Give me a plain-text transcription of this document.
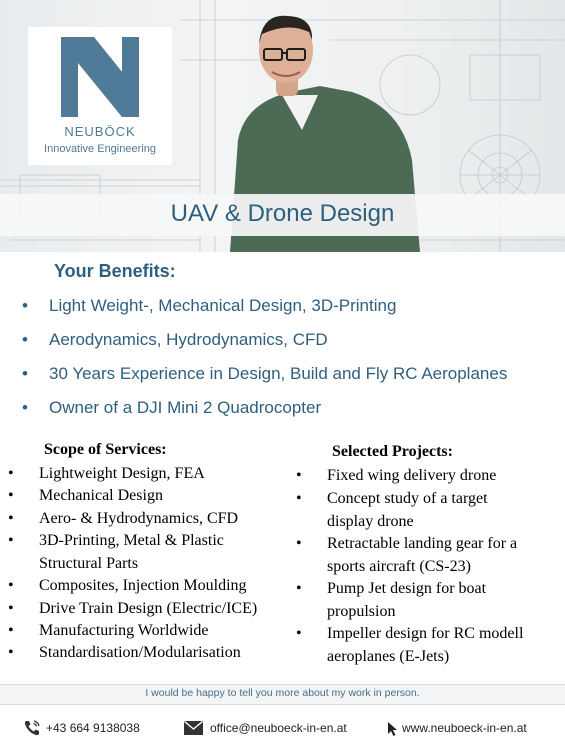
NEUBÖCK
Innovative Engineering
UAV & Drone Design
Your Benefits:
•	Light Weight-, Mechanical Design, 3D-Printing
•	Aerodynamics, Hydrodynamics, CFD
•	30 Years Experience in Design, Build and Fly RC Aeroplanes
•	Owner of a DJI Mini 2 Quadrocopter
Scope of Services:
• Lightweight Design, FEA
• Mechanical Design
• Aero- & Hydrodynamics, CFD
• 3D-Printing, Metal & Plastic
Structural Parts
• Composites, Injection Moulding
• Drive Train Design (Electric/ICE)
• Manufacturing Worldwide
• Standardisation/Modularisation
Selected Projects:
• Fixed wing delivery drone
• Concept study of a target display drone
• Retractable landing gear for a sports aircraft (CS-23)
• Pump Jet design for boat propulsion
• Impeller design for RC modell aeroplanes (E-Jets)
I would be happy to tell you more about my work in person.
+43 664 9138038	office@neuboeck-in-en.at	www.neuboeck-in-en.at
